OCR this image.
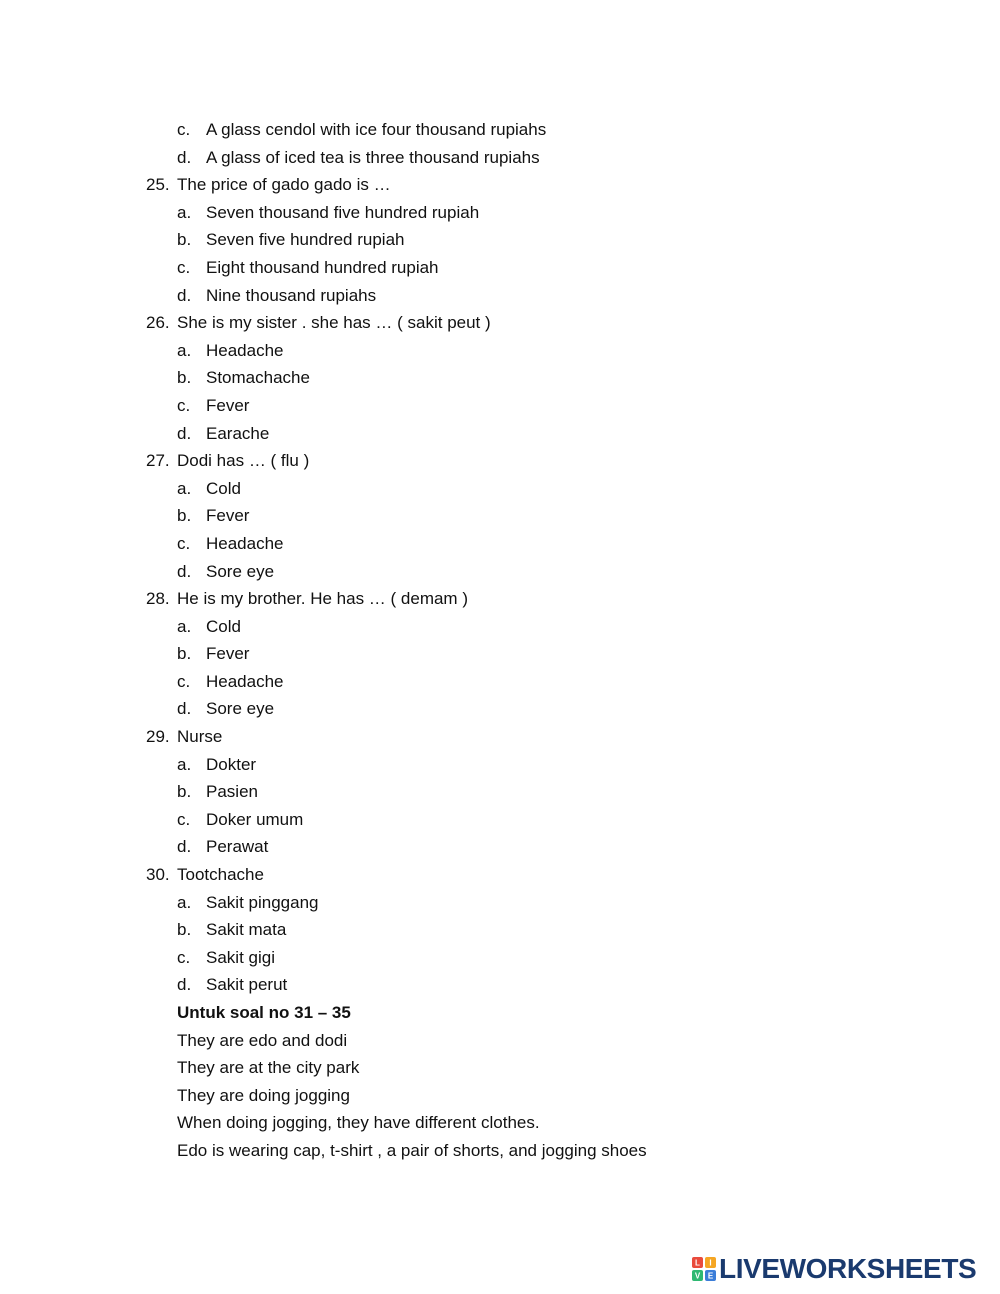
c. A glass cendol with ice four thousand rupiahs
d. A glass of iced tea is three thousand rupiahs
25. The price of gado gado is …
a. Seven thousand five hundred rupiah
b. Seven five hundred rupiah
c. Eight thousand hundred rupiah
d. Nine thousand rupiahs
26. She is my sister . she has … ( sakit peut )
a. Headache
b. Stomachache
c. Fever
d. Earache
27. Dodi has … ( flu )
a. Cold
b. Fever
c. Headache
d. Sore eye
28. He is my brother. He has … ( demam )
a. Cold
b. Fever
c. Headache
d. Sore eye
29. Nurse
a. Dokter
b. Pasien
c. Doker umum
d. Perawat
30. Tootchache
a. Sakit pinggang
b. Sakit mata
c. Sakit gigi
d. Sakit perut
Untuk soal no 31 – 35
They are edo and dodi
They are at the city park
They are doing jogging
When doing jogging, they have different clothes.
Edo is wearing cap, t-shirt , a pair of shorts, and jogging shoes
L I
V E LIVEWORKSHEETS
